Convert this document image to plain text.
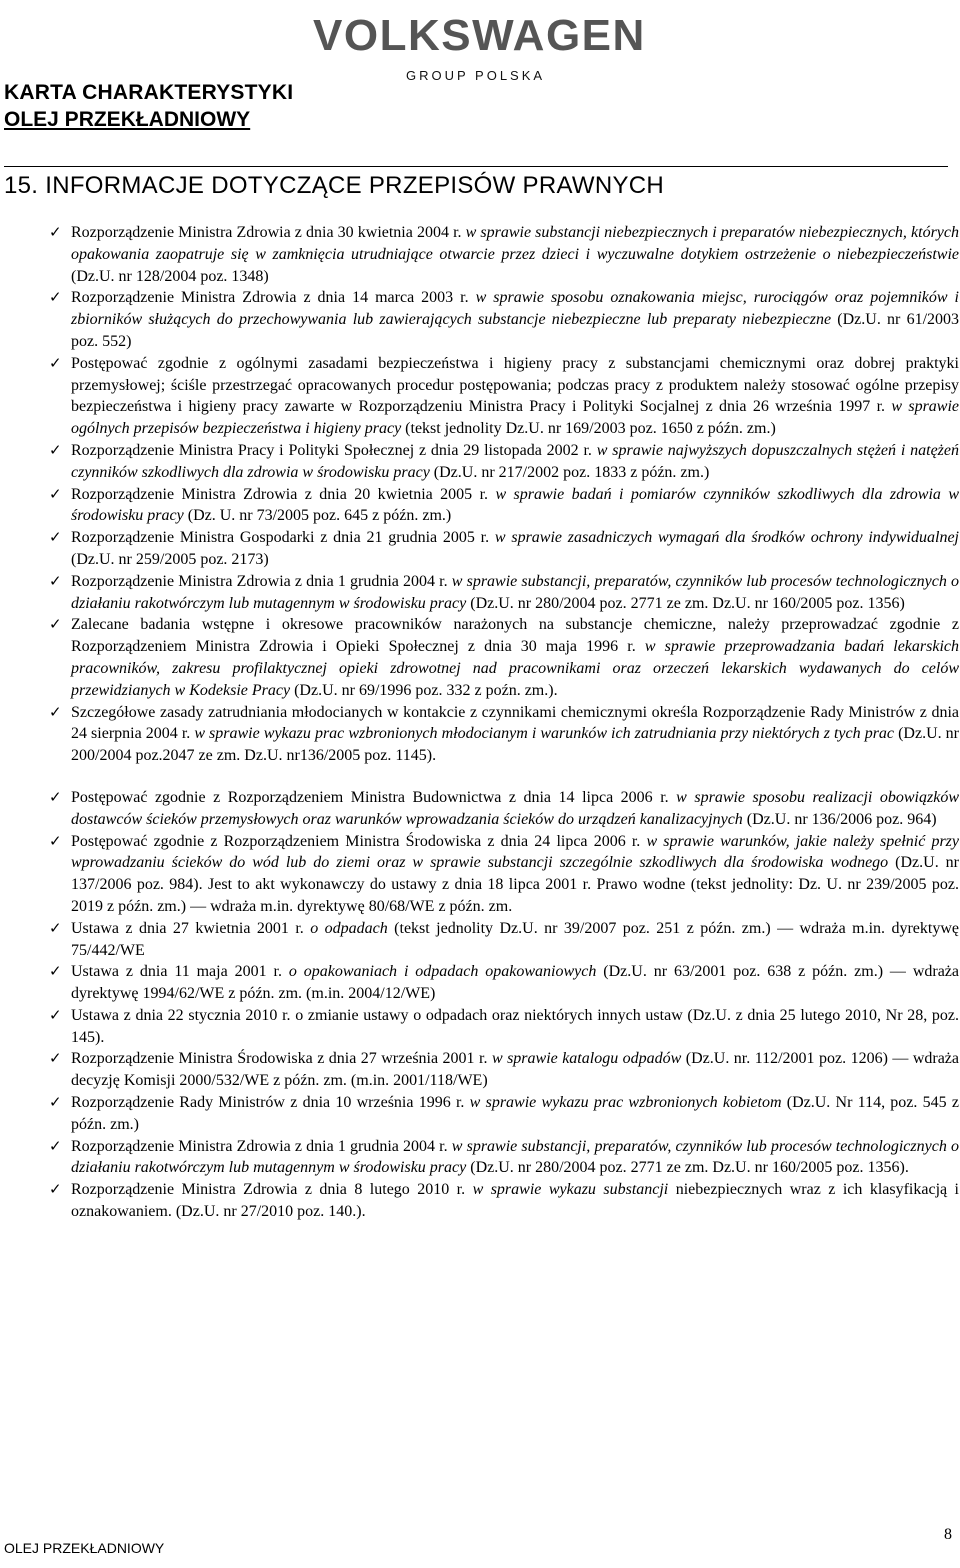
KARTA CHARAKTERYSTYKI
OLEJ PRZEKŁADNIOWY
VOLKSWAGEN
GROUP POLSKA
15. INFORMACJE DOTYCZĄCE PRZEPISÓW PRAWNYCH
✓ Rozporządzenie Ministra Zdrowia z dnia 30 kwietnia 2004 r. w sprawie substancji niebezpiecznych i preparatów niebezpiecznych, których opakowania zaopatruje się w zamknięcia utrudniające otwarcie przez dzieci i wyczuwalne dotykiem ostrzeżenie o niebezpieczeństwie (Dz.U. nr 128/2004 poz. 1348)
✓ Rozporządzenie Ministra Zdrowia z dnia 14 marca 2003 r. w sprawie sposobu oznakowania miejsc, rurociągów oraz pojemników i zbiorników służących do przechowywania lub zawierających substancje niebezpieczne lub preparaty niebezpieczne (Dz.U. nr 61/2003 poz. 552)
✓ Postępować zgodnie z ogólnymi zasadami bezpieczeństwa i higieny pracy z substancjami chemicznymi oraz dobrej praktyki przemysłowej; ściśle przestrzegać opracowanych procedur postępowania; podczas pracy z produktem należy stosować ogólne przepisy bezpieczeństwa i higieny pracy zawarte w Rozporządzeniu Ministra Pracy i Polityki Socjalnej z dnia 26 września 1997 r. w sprawie ogólnych przepisów bezpieczeństwa i higieny pracy (tekst jednolity Dz.U. nr 169/2003 poz. 1650 z późn. zm.)
✓ Rozporządzenie Ministra Pracy i Polityki Społecznej z dnia 29 listopada 2002 r. w sprawie najwyższych dopuszczalnych stężeń i natężeń czynników szkodliwych dla zdrowia w środowisku pracy (Dz.U. nr 217/2002 poz. 1833 z późn. zm.)
✓ Rozporządzenie Ministra Zdrowia z dnia 20 kwietnia 2005 r. w sprawie badań i pomiarów czynników szkodliwych dla zdrowia w środowisku pracy (Dz. U. nr 73/2005 poz. 645 z późn. zm.)
✓ Rozporządzenie Ministra Gospodarki z dnia 21 grudnia 2005 r. w sprawie zasadniczych wymagań dla środków ochrony indywidualnej (Dz.U. nr 259/2005 poz. 2173)
✓ Rozporządzenie Ministra Zdrowia z dnia 1 grudnia 2004 r. w sprawie substancji, preparatów, czynników lub procesów technologicznych o działaniu rakotwórczym lub mutagennym w środowisku pracy (Dz.U. nr 280/2004 poz. 2771 ze zm. Dz.U. nr 160/2005 poz. 1356)
✓ Zalecane badania wstępne i okresowe pracowników narażonych na substancje chemiczne, należy przeprowadzać zgodnie z Rozporządzeniem Ministra Zdrowia i Opieki Społecznej z dnia 30 maja 1996 r. w sprawie przeprowadzania badań lekarskich pracowników, zakresu profilaktycznej opieki zdrowotnej nad pracownikami oraz orzeczeń lekarskich wydawanych do celów przewidzianych w Kodeksie Pracy (Dz.U. nr 69/1996 poz. 332 z poźn. zm.).
✓ Szczegółowe zasady zatrudniania młodocianych w kontakcie z czynnikami chemicznymi określa Rozporządzenie Rady Ministrów z dnia 24 sierpnia 2004 r. w sprawie wykazu prac wzbronionych młodocianym i warunków ich zatrudniania przy niektórych z tych prac (Dz.U. nr 200/2004 poz.2047 ze zm. Dz.U. nr136/2005 poz. 1145).
✓ Postępować zgodnie z Rozporządzeniem Ministra Budownictwa z dnia 14 lipca 2006 r. w sprawie sposobu realizacji obowiązków dostawców ścieków przemysłowych oraz warunków wprowadzania ścieków do urządzeń kanalizacyjnych (Dz.U. nr 136/2006 poz. 964)
✓ Postępować zgodnie z Rozporządzeniem Ministra Środowiska z dnia 24 lipca 2006 r. w sprawie warunków, jakie należy spełnić przy wprowadzaniu ścieków do wód lub do ziemi oraz w sprawie substancji szczególnie szkodliwych dla środowiska wodnego (Dz.U. nr 137/2006 poz. 984). Jest to akt wykonawczy do ustawy z dnia 18 lipca 2001 r. Prawo wodne (tekst jednolity: Dz. U. nr 239/2005 poz. 2019 z późn. zm.) — wdraża m.in. dyrektywę 80/68/WE z późn. zm.
✓ Ustawa z dnia 27 kwietnia 2001 r. o odpadach (tekst jednolity Dz.U. nr 39/2007 poz. 251 z późn. zm.) — wdraża m.in. dyrektywę 75/442/WE
✓ Ustawa z dnia 11 maja 2001 r. o opakowaniach i odpadach opakowaniowych (Dz.U. nr 63/2001 poz. 638 z późn. zm.) — wdraża dyrektywę 1994/62/WE z późn. zm. (m.in. 2004/12/WE)
✓ Ustawa z dnia 22 stycznia 2010 r. o zmianie ustawy o odpadach oraz niektórych innych ustaw (Dz.U. z dnia 25 lutego 2010, Nr 28, poz. 145).
✓ Rozporządzenie Ministra Środowiska z dnia 27 września 2001 r. w sprawie katalogu odpadów (Dz.U. nr. 112/2001 poz. 1206) — wdraża decyzję Komisji 2000/532/WE z późn. zm. (m.in. 2001/118/WE)
✓ Rozporządzenie Rady Ministrów z dnia 10 września 1996 r. w sprawie wykazu prac wzbronionych kobietom (Dz.U. Nr 114, poz. 545 z późn. zm.)
✓ Rozporządzenie Ministra Zdrowia z dnia 1 grudnia 2004 r. w sprawie substancji, preparatów, czynników lub procesów technologicznych o działaniu rakotwórczym lub mutagennym w środowisku pracy (Dz.U. nr 280/2004 poz. 2771 ze zm. Dz.U. nr 160/2005 poz. 1356).
✓ Rozporządzenie Ministra Zdrowia z dnia 8 lutego 2010 r. w sprawie wykazu substancji niebezpiecznych wraz z ich klasyfikacją i oznakowaniem. (Dz.U. nr 27/2010 poz. 140.).
OLEJ PRZEKŁADNIOWY
8
